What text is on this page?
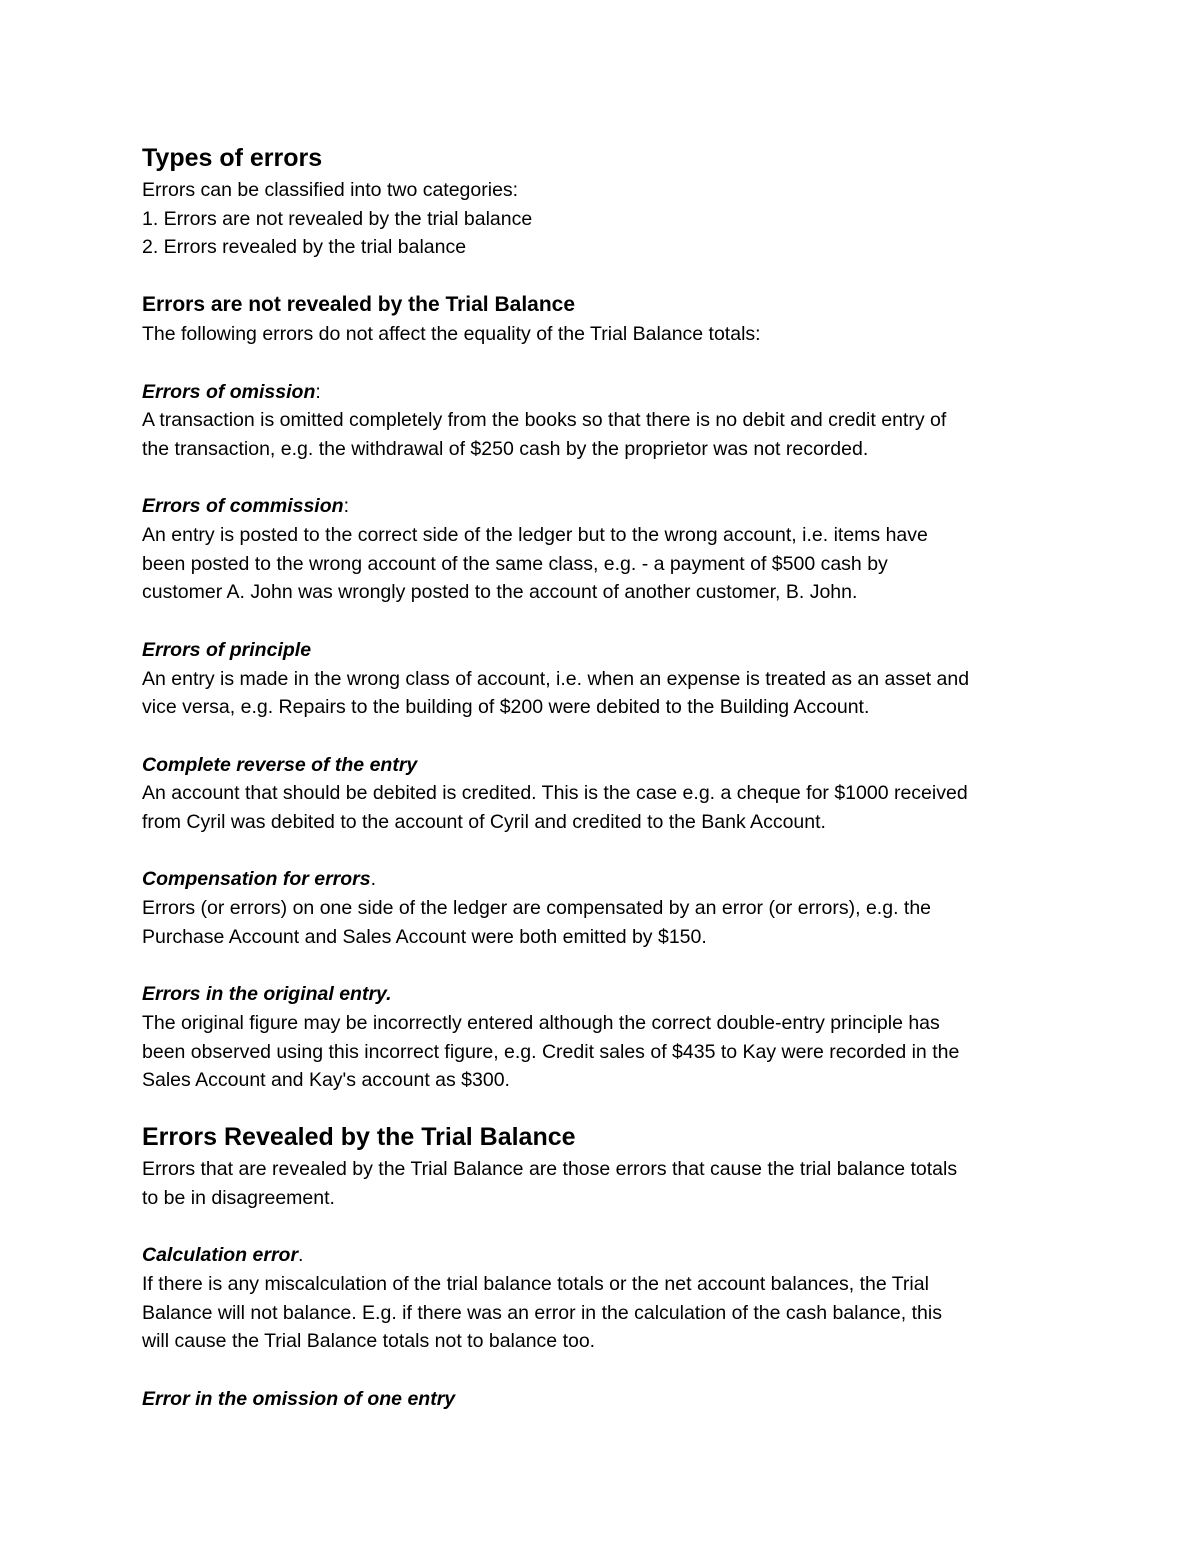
Types of errors

Errors can be classified into two categories:

1. Errors are not revealed by the trial balance

2. Errors revealed by the trial balance

Errors are not revealed by the Trial Balance

The following errors do not affect the equality of the Trial Balance totals:

Errors of omission:

A transaction is omitted completely from the books so that there is no debit and credit entry of

the transaction, e.g. the withdrawal of $250 cash by the proprietor was not recorded.

Errors of commission:

An entry is posted to the correct side of the ledger but to the wrong account, i.e. items have

been posted to the wrong account of the same class, e.g. - a payment of $500 cash by

customer A. John was wrongly posted to the account of another customer, B. John.

Errors of principle

An entry is made in the wrong class of account, i.e. when an expense is treated as an asset and

vice versa, e.g. Repairs to the building of $200 were debited to the Building Account.

Complete reverse of the entry

An account that should be debited is credited. This is the case e.g. a cheque for $1000 received

from Cyril was debited to the account of Cyril and credited to the Bank Account.

Compensation for errors.

Errors (or errors) on one side of the ledger are compensated by an error (or errors), e.g. the

Purchase Account and Sales Account were both emitted by $150.

Errors in the original entry.

The original figure may be incorrectly entered although the correct double-entry principle has

been observed using this incorrect figure, e.g. Credit sales of $435 to Kay were recorded in the

Sales Account and Kay's account as $300.

Errors Revealed by the Trial Balance

Errors that are revealed by the Trial Balance are those errors that cause the trial balance totals

to be in disagreement.

Calculation error.

If there is any miscalculation of the trial balance totals or the net account balances, the Trial

Balance will not balance. E.g. if there was an error in the calculation of the cash balance, this

will cause the Trial Balance totals not to balance too.

Error in the omission of one entry
